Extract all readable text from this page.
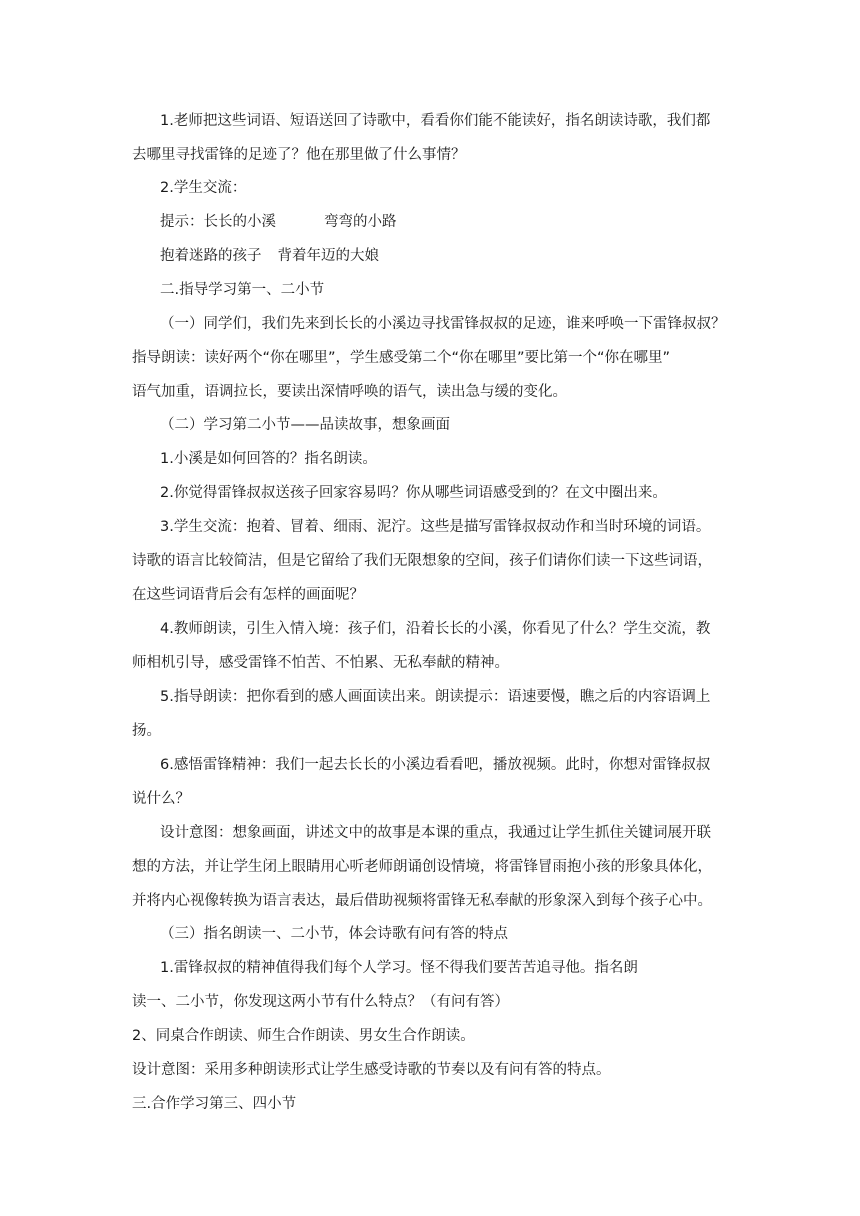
1.老师把这些词语、短语送回了诗歌中，看看你们能不能读好，指名朗读诗歌，我们都
去哪里寻找雷锋的足迹了？他在那里做了什么事情？
2.学生交流：
提示：长长的小溪	弯弯的小路
抱着迷路的孩子 背着年迈的大娘
二.指导学习第一、二小节
（一）同学们，我们先来到长长的小溪边寻找雷锋叔叔的足迹，谁来呼唤一下雷锋叔叔？
指导朗读：读好两个“你在哪里”，学生感受第二个“你在哪里”要比第一个“你在哪里”
语气加重，语调拉长，要读出深情呼唤的语气，读出急与缓的变化。
（二）学习第二小节——品读故事，想象画面
1.小溪是如何回答的？指名朗读。
2.你觉得雷锋叔叔送孩子回家容易吗？你从哪些词语感受到的？在文中圈出来。
3.学生交流：抱着、冒着、细雨、泥泞。这些是描写雷锋叔叔动作和当时环境的词语。
诗歌的语言比较简洁，但是它留给了我们无限想象的空间，孩子们请你们读一下这些词语，
在这些词语背后会有怎样的画面呢？
4.教师朗读，引生入情入境：孩子们，沿着长长的小溪，你看见了什么？学生交流，教
师相机引导，感受雷锋不怕苦、不怕累、无私奉献的精神。
5.指导朗读：把你看到的感人画面读出来。朗读提示：语速要慢，瞧之后的内容语调上
扬。
6.感悟雷锋精神：我们一起去长长的小溪边看看吧，播放视频。此时，你想对雷锋叔叔
说什么？
设计意图：想象画面，讲述文中的故事是本课的重点，我通过让学生抓住关键词展开联
想的方法，并让学生闭上眼睛用心听老师朗诵创设情境，将雷锋冒雨抱小孩的形象具体化，
并将内心视像转换为语言表达，最后借助视频将雷锋无私奉献的形象深入到每个孩子心中。
（三）指名朗读一、二小节，体会诗歌有问有答的特点
1.雷锋叔叔的精神值得我们每个人学习。怪不得我们要苦苦追寻他。指名朗
读一、二小节，你发现这两小节有什么特点？（有问有答）
2、同桌合作朗读、师生合作朗读、男女生合作朗读。
设计意图：采用多种朗读形式让学生感受诗歌的节奏以及有问有答的特点。
三.合作学习第三、四小节
